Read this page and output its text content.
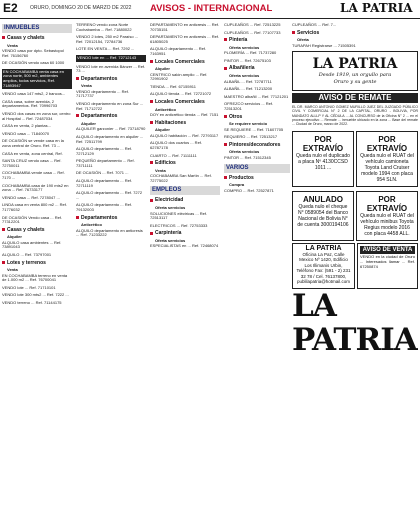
E2 ORURO, DOMINGO 20 DE MARZO DE 2022 AVISOS - INTERNACIONAL	LA PATRIA
INMUEBLES
Casas y chalets
Venta
VENDO casa por dpto. Sebastopol Ref. 76156760
DE OCASIÓN vendo casa 60 1000
EN COCHABAMBA venta casa en zona norte, 500 m2, ambientes amplios, todos servicios, Ref. 71893947
VENDO casa 147 mts2, 2 bancos...
CASA casa, sobre avenida, 2 departamentos. Ref. 70996703
VENDO dos casas en zona sur, centro al Hospital ... Ref. 72487034
CASA en venta, 2 plantas...
VENDO casa ... 71840070
DE OCASIÓN se vende casa en la zona central de Oruro. Ref. 73 ...
CASA en venta, zona central, Ref.
SANTA CRUZ vendo casa ... Ref. 72750011
COCHABAMBA vende casa ... Ref. 7170 ...
COCHABAMBA casa de 190 mts2 en zona ... Ref. 76733177
VENDO casa ... Ref. 7278047 ...
LINDA casa en venta 800 m2 ... Ref. 71776032
DE OCASIÓN Vendo casa ... Ref. 77312201
Casas y chalets
Alquiler
ALQUILO casa ambientes ... Ref. 73891043
ALQUILO ... Ref. 73797001
Lotes y terrenos
Venta
EN COCHABAMBA terreno en venta de 1.000 m2 ... Ref. 76700041
VENDO lote ... Ref. 71710101
VENDO lote 300 mts2 ... Ref. 7222 ...
VENDO terreno ... Ref. 71144175
TERRENO vendo zona Norte Cochabamba ... Ref. 71880022
VENDO 2 lotes, 250 m2 Paraíso ... Ref. 72012154, 72784736
LOTE EN VENTA ... Ref. 7292 ...
VENDO lote en ... Ref. 72712143
VENDO lote en avenida Bánzer ... Ref. 73 ...
Departamentos
Venta
VENDO departamento ... Ref. 71717737
VENDO departamento en zona Sur ... Ref. 71712722
Departamentos
Alquiler
ALQUILER garzonier ... Ref. 73718790
ALQUILO departamento en alquiler ... Ref. 72511799
ALQUILO departamento ... Ref. 72712129
PEQUEÑO departamento ... Ref. 73711111
DE OCASIÓN ... Ref. 7071 ...
ALQUILO departamento ... Ref. 72711119
ALQUILO departamento ... Ref. 7272 ...
ALQUILO departamento ... Ref. 79132003
Departamentos
Anticrético
ALQUILO departamento en anticresis ... Ref. 71233222
DEPARTAMENTO en anticresis ... Ref. 70735151
DEPARTAMENTO en anticresis ... Ref. 61805025
ALQUILO departamento ... Ref. 7163951
Locales Comerciales
Alquiler
CENTRICO salón amplio ... Ref. 72991902
TIENDA ... Ref. 67155911
ALQUILO tienda ... Ref. 72721072
Locales Comerciales
Anticrético
DOY en anticrético tienda ... Ref. 7151
Habitaciones
Alquiler
ALQUILO habitación ... Ref. 72793117
ALQUILO dos cuartos ... Ref. 62787178
CUARTO ... Ref. 71111111
Edificios
Venta
COCHABAMBA San Martín ... Ref. 72775022
EMPLEOS
Electricidad
Oferta servicios
SOLUCIONES eléctricas ... Ref. 72513117
ELECTRICOS ... Ref. 72753333
Carpintería
Oferta servicios
ESPECIALISTAS en ... Ref. 72468074
CUPLEAÑOS ... Ref. 72513225
CUPLEAÑOS ... Ref. 77107733
Pintería
Oferta servicios
PLOMERÍA ... Ref. 71737280
PINTOR ... Ref. 72675103
Albañilería
Oferta servicios
ALBAÑIL ... Ref. 72787711
ALBAÑIL ... Ref. 71213200
MAESTRO albañil ... Ref. 77121201
OFREZCO servicios ... Ref. 72513201
Otros
Se requiere servicio
SE REQUIERE ... Ref. 71607705
REQUIERO ... Ref. 72513217
Pintores/decoradores
Oferta servicios
PINTOR ... Ref. 71512345
VARIOS
Productos
Compra
COMPRO ... Ref. 72527871
CUPLEAÑOS ... Ref. 7...
Servicios
Oferta
TURAPAH Registrarse ... 71505391
LA PATRIA
Desde 1919, un orgullo para
Oruro y su gente
AVISO DE REMATE
EL DR. MARCO ANTONIO GOMEZ MURILLO JUEZ DEL JUZGADO PÚBLICO CIVIL Y COMERCIAL N° 2 DE LA CAPITAL, ORURO - BOLIVIA, POR MANDATO ALLLP Y AL CÉDULA ... AL CONCURSO de la Oficina N° 2 ... en el proceso ejecutivo ... Remate ... inmueble ubicado en la zona ... Base del remate ... Ciudad de Oruro, marzo de 2022.
POR EXTRAVÍO
Queda nulo el duplicado a placa Nº 4130CCSD 1011 ...
POR EXTRAVÍO
Queda nulo el RUAT del vehículo camioneta Toyota Land Cruiser modelo 1994 con placa 954 SLN.
ANULADO
Queda nulo el cheque N° 0589054 del Banco Nacional de Bolivia N° de cuenta 3000194106
POR EXTRAVÍO
Queda nulo el RUAT del vehículo minibus Toyota Regius modelo 2016 con placa 4458 ALL.
LA PATRIA
Oficina La Paz, Calle Mexico Nº 1420, Edificio Los Illimanis Urbin, Teléfono Fax: (591 - 2) 231 32 78 / Cel. 76137800, publilapatria@hotmail.com
AVISO DE VENTA
VENDO en la ciudad de Oruro ... Interesados llamar ... Ref. 67250874
LA PATRIA
